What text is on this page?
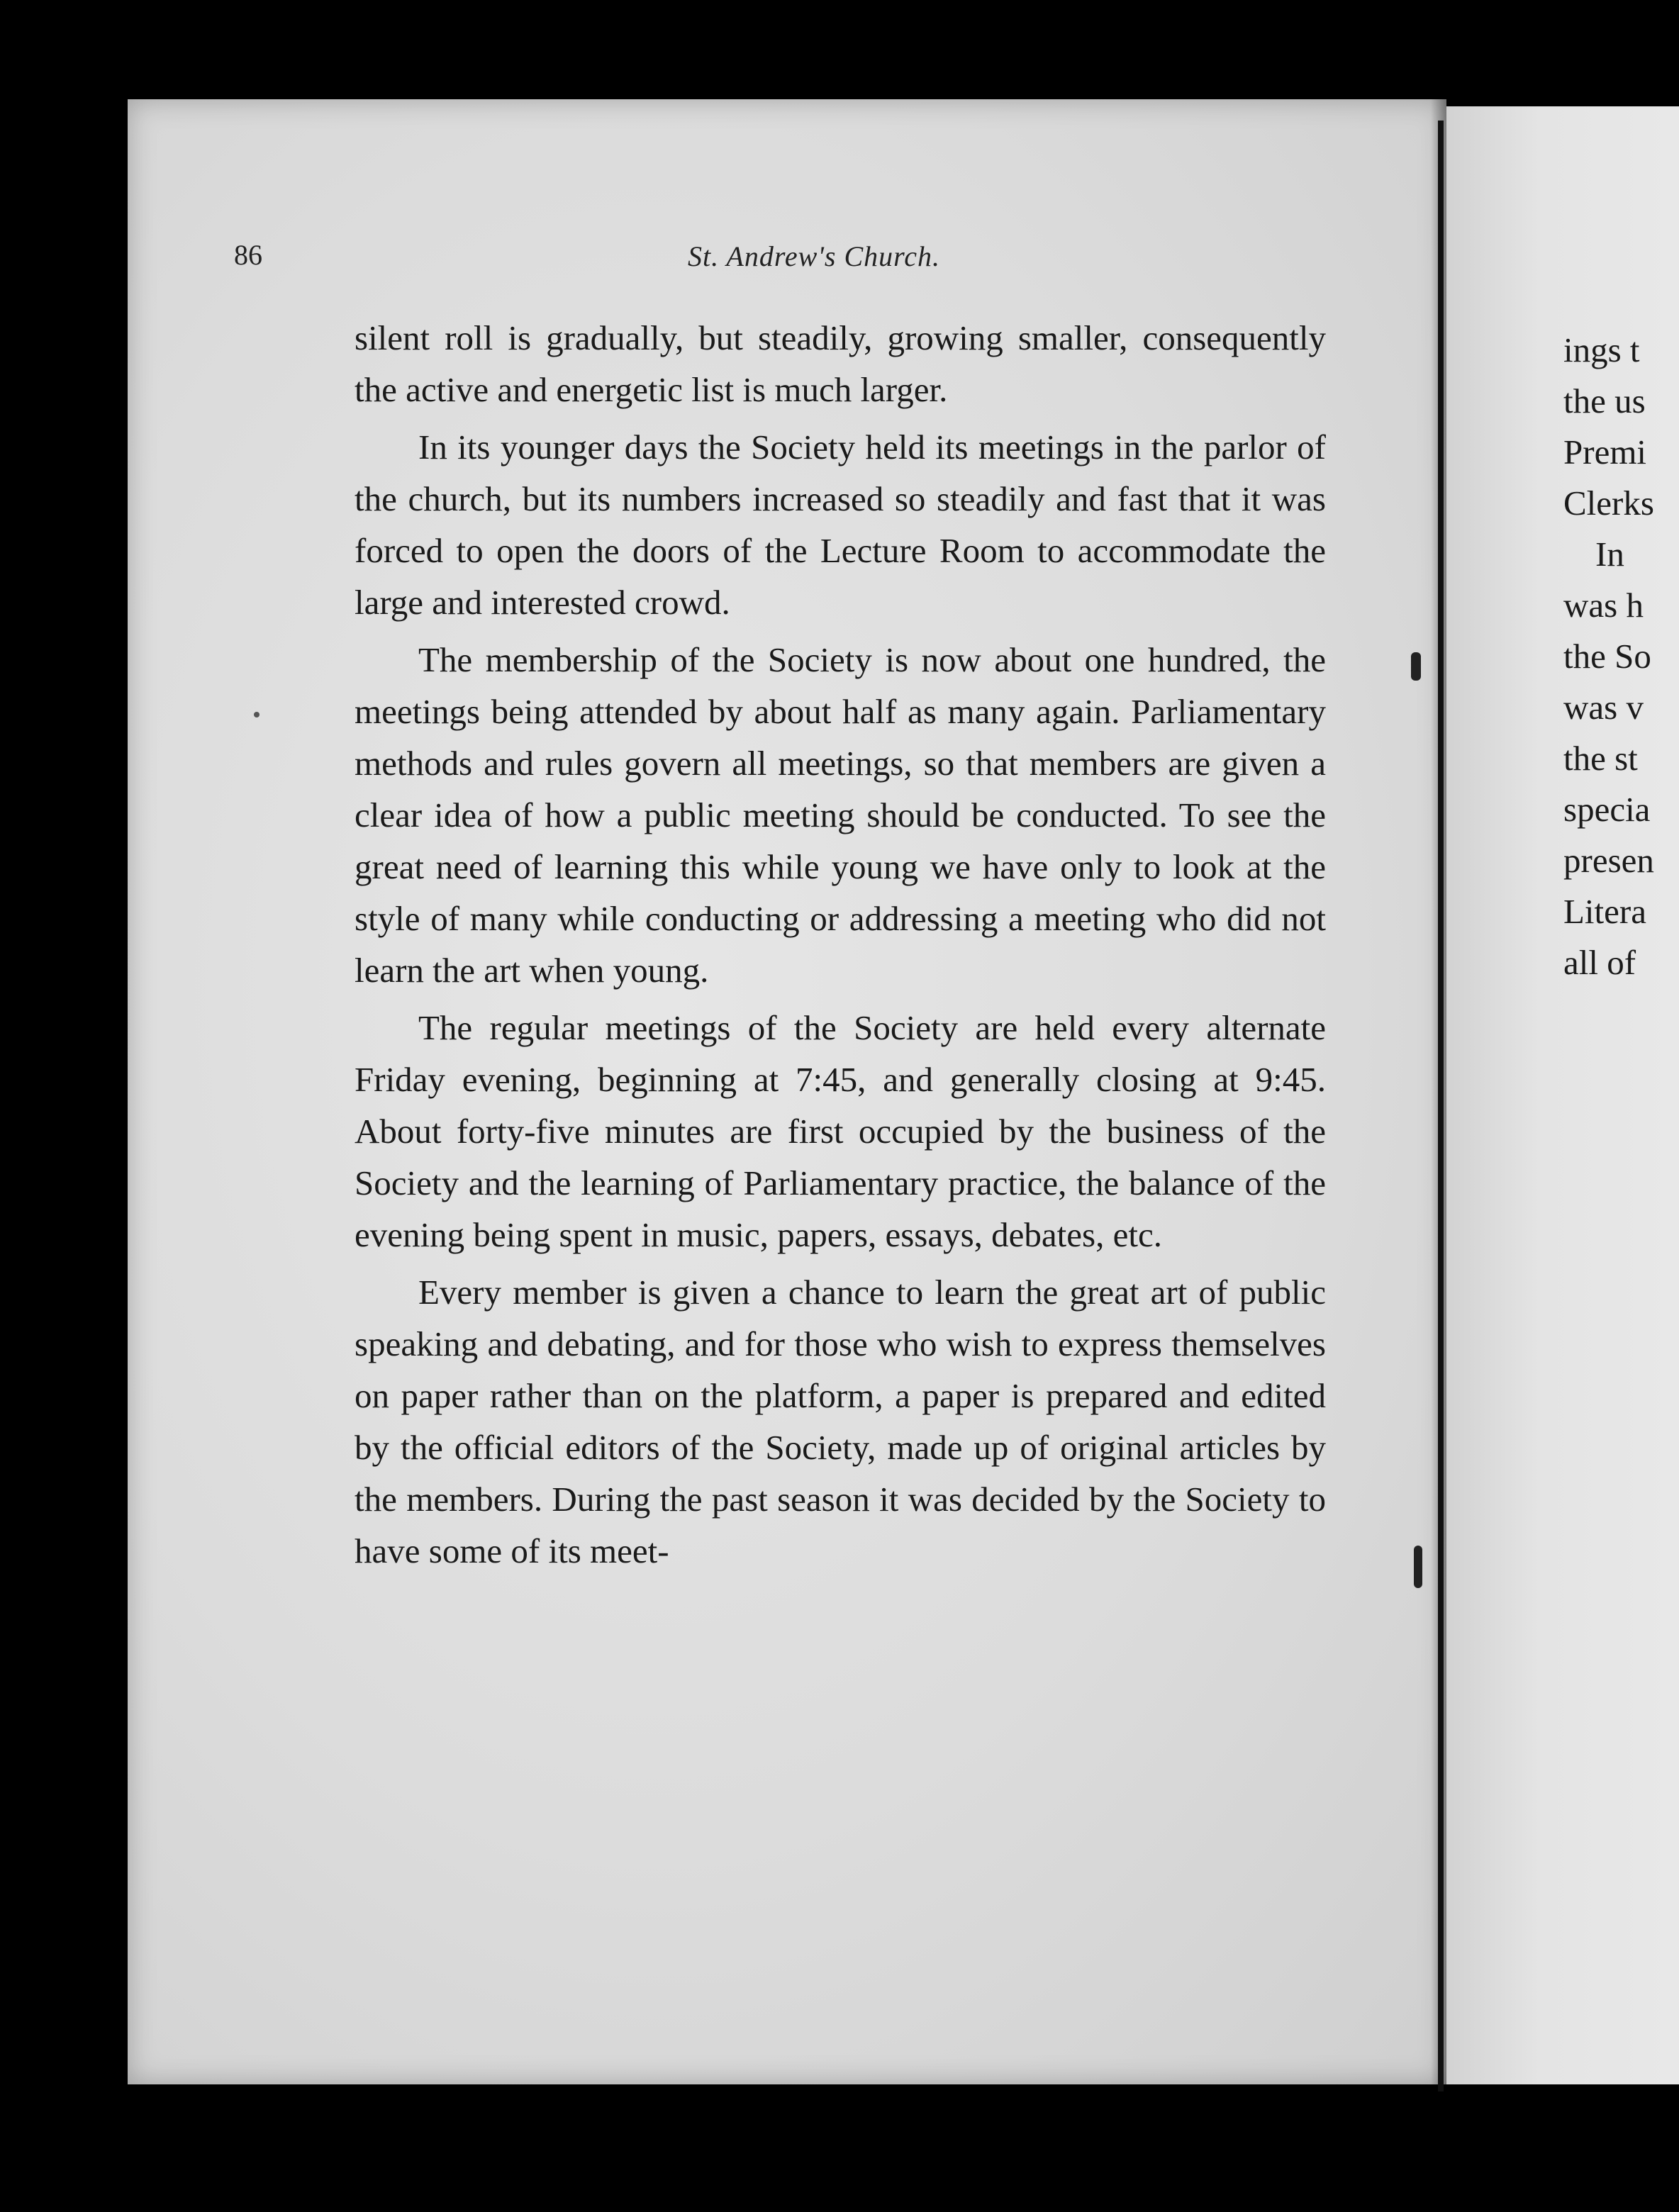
86	St. Andrew's Church.

silent roll is gradually, but steadily, growing smaller, consequently the active and energetic list is much larger.

In its younger days the Society held its meetings in the parlor of the church, but its numbers increased so steadily and fast that it was forced to open the doors of the Lecture Room to accommodate the large and interested crowd.

The membership of the Society is now about one hundred, the meetings being attended by about half as many again. Parliamentary methods and rules govern all meetings, so that members are given a clear idea of how a public meeting should be conducted. To see the great need of learning this while young we have only to look at the style of many while conducting or addressing a meeting who did not learn the art when young.

The regular meetings of the Society are held every alternate Friday evening, beginning at 7:45, and generally closing at 9:45. About forty-five minutes are first occupied by the business of the Society and the learning of Parliamentary practice, the balance of the evening being spent in music, papers, essays, debates, etc.

Every member is given a chance to learn the great art of public speaking and debating, and for those who wish to express themselves on paper rather than on the platform, a paper is prepared and edited by the official editors of the Society, made up of original articles by the members. During the past season it was decided by the Society to have some of its meet-

ings t
the us
Premi
Clerks
In
was h
the So
was v
the st
specia
presen
Litera
all of
